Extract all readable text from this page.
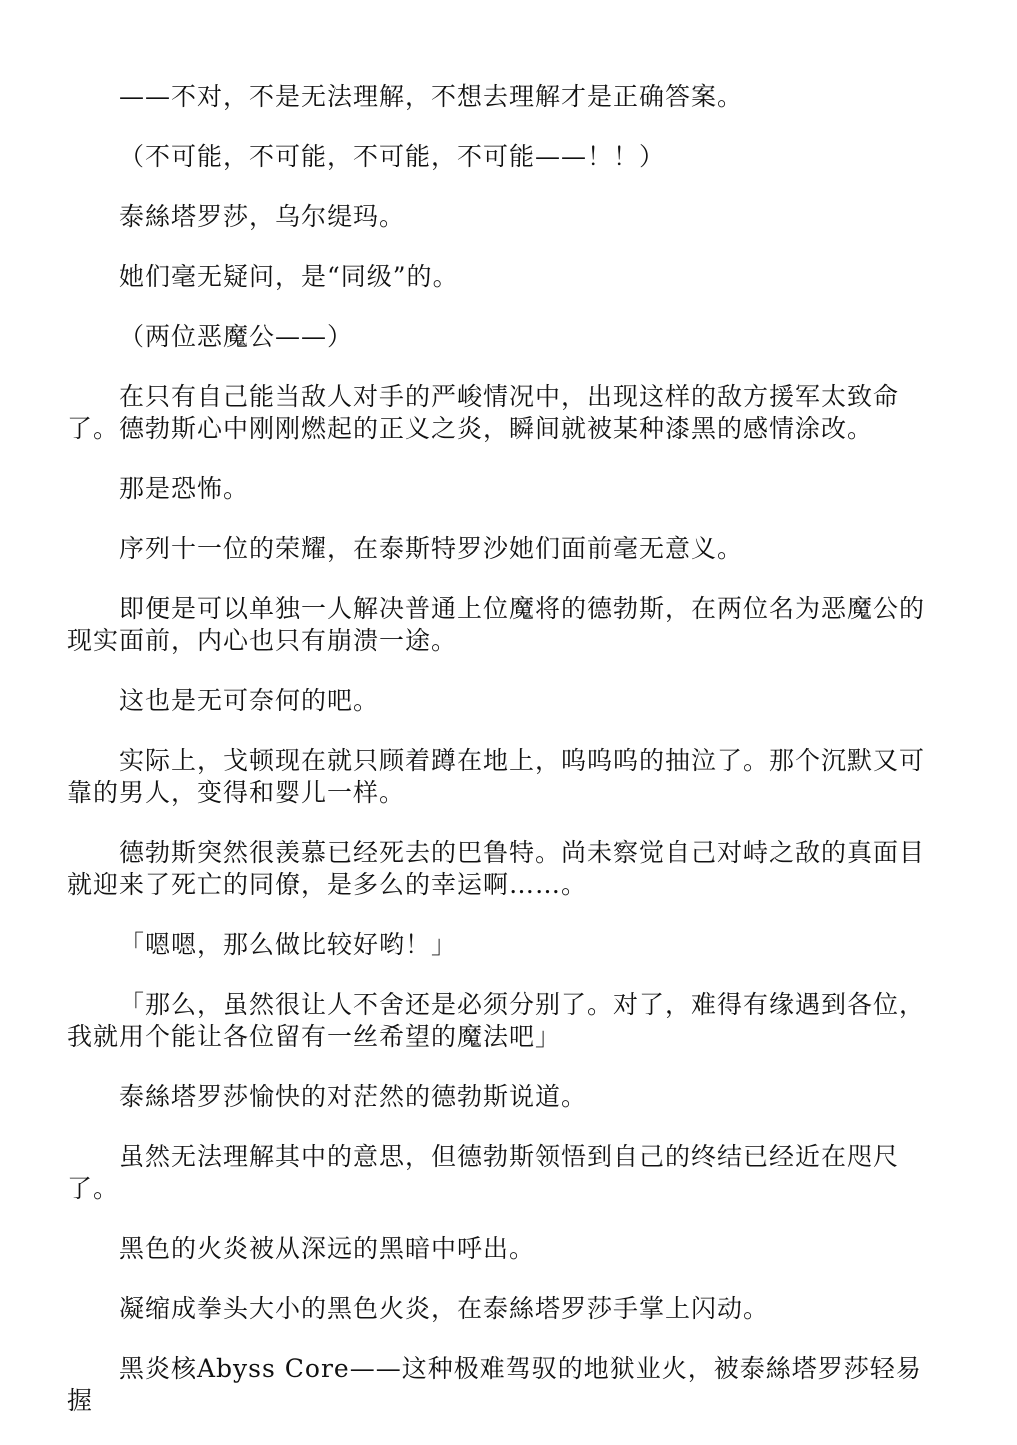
——不对，不是无法理解，不想去理解才是正确答案。

（不可能，不可能，不可能，不可能——！！）

泰絲塔罗莎，乌尔缇玛。

她们毫无疑问，是“同级”的。

（两位恶魔公——）

在只有自己能当敌人对手的严峻情况中，出现这样的敌方援军太致命了。德勃斯心中刚刚燃起的正义之炎，瞬间就被某种漆黑的感情涂改。

那是恐怖。

序列十一位的荣耀，在泰斯特罗沙她们面前毫无意义。

即便是可以单独一人解决普通上位魔将的德勃斯，在两位名为恶魔公的现实面前，内心也只有崩溃一途。

这也是无可奈何的吧。

实际上，戈顿现在就只顾着蹲在地上，呜呜呜的抽泣了。那个沉默又可靠的男人，变得和婴儿一样。

德勃斯突然很羡慕已经死去的巴鲁特。尚未察觉自己对峙之敌的真面目就迎来了死亡的同僚，是多么的幸运啊……。

「嗯嗯，那么做比较好哟！」

「那么，虽然很让人不舍还是必须分别了。对了，难得有缘遇到各位，我就用个能让各位留有一丝希望的魔法吧」

泰絲塔罗莎愉快的对茫然的德勃斯说道。

虽然无法理解其中的意思，但德勃斯领悟到自己的终结已经近在咫尺了。

黑色的火炎被从深远的黑暗中呼出。

凝缩成拳头大小的黑色火炎，在泰絲塔罗莎手掌上闪动。

黑炎核Abyss Core——这种极难驾驭的地狱业火，被泰絲塔罗莎轻易握
